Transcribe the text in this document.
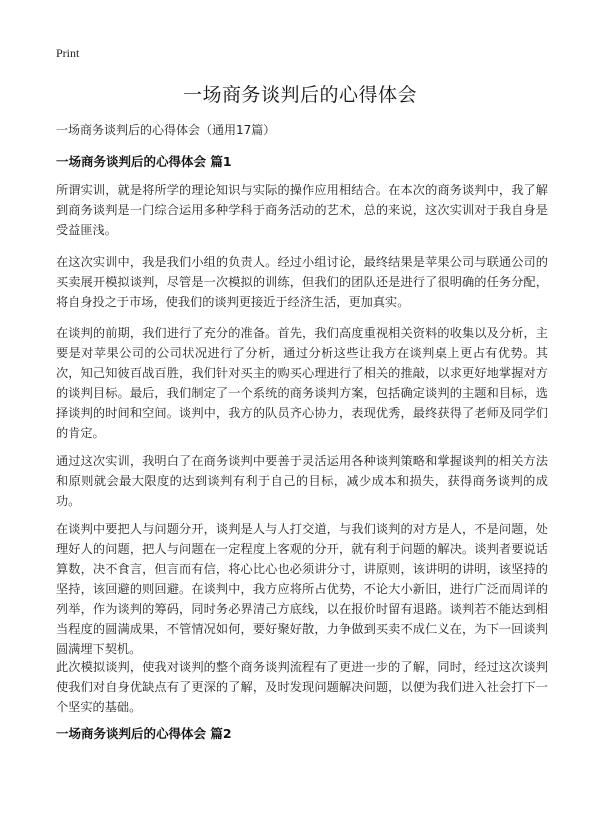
Print
一场商务谈判后的心得体会
一场商务谈判后的心得体会（通用17篇）
一场商务谈判后的心得体会 篇1
所谓实训，就是将所学的理论知识与实际的操作应用相结合。在本次的商务谈判中，我了解到商务谈判是一门综合运用多种学科于商务活动的艺术，总的来说，这次实训对于我自身是受益匪浅。
在这次实训中，我是我们小组的负责人。经过小组讨论，最终结果是苹果公司与联通公司的买卖展开模拟谈判，尽管是一次模拟的训练，但我们的团队还是进行了很明确的任务分配，将自身投之于市场，使我们的谈判更接近于经济生活，更加真实。
在谈判的前期，我们进行了充分的准备。首先，我们高度重视相关资料的收集以及分析，主要是对苹果公司的公司状况进行了分析，通过分析这些让我方在谈判桌上更占有优势。其次，知己知彼百战百胜，我们针对买主的购买心理进行了相关的推敲，以求更好地掌握对方的谈判目标。最后，我们制定了一个系统的商务谈判方案，包括确定谈判的主题和目标，选择谈判的时间和空间。谈判中，我方的队员齐心协力，表现优秀，最终获得了老师及同学们的肯定。
通过这次实训，我明白了在商务谈判中要善于灵活运用各种谈判策略和掌握谈判的相关方法和原则就会最大限度的达到谈判有利于自己的目标，减少成本和损失，获得商务谈判的成功。
在谈判中要把人与问题分开，谈判是人与人打交道，与我们谈判的对方是人，不是问题，处理好人的问题，把人与问题在一定程度上客观的分开，就有利于问题的解决。谈判者要说话算数，决不食言，但言而有信，将心比心也必须讲分寸，讲原则，该讲明的讲明，该坚持的坚持，该回避的则回避。在谈判中，我方应将所占优势，不论大小新旧，进行广泛而周详的列举，作为谈判的筹码，同时务必界清己方底线，以在报价时留有退路。谈判若不能达到相当程度的圆满成果，不管情况如何，要好聚好散，力争做到买卖不成仁义在，为下一回谈判圆满埋下契机。
此次模拟谈判，使我对谈判的整个商务谈判流程有了更进一步的了解，同时，经过这次谈判使我们对自身优缺点有了更深的了解，及时发现问题解决问题，以便为我们进入社会打下一个坚实的基础。
一场商务谈判后的心得体会 篇2
